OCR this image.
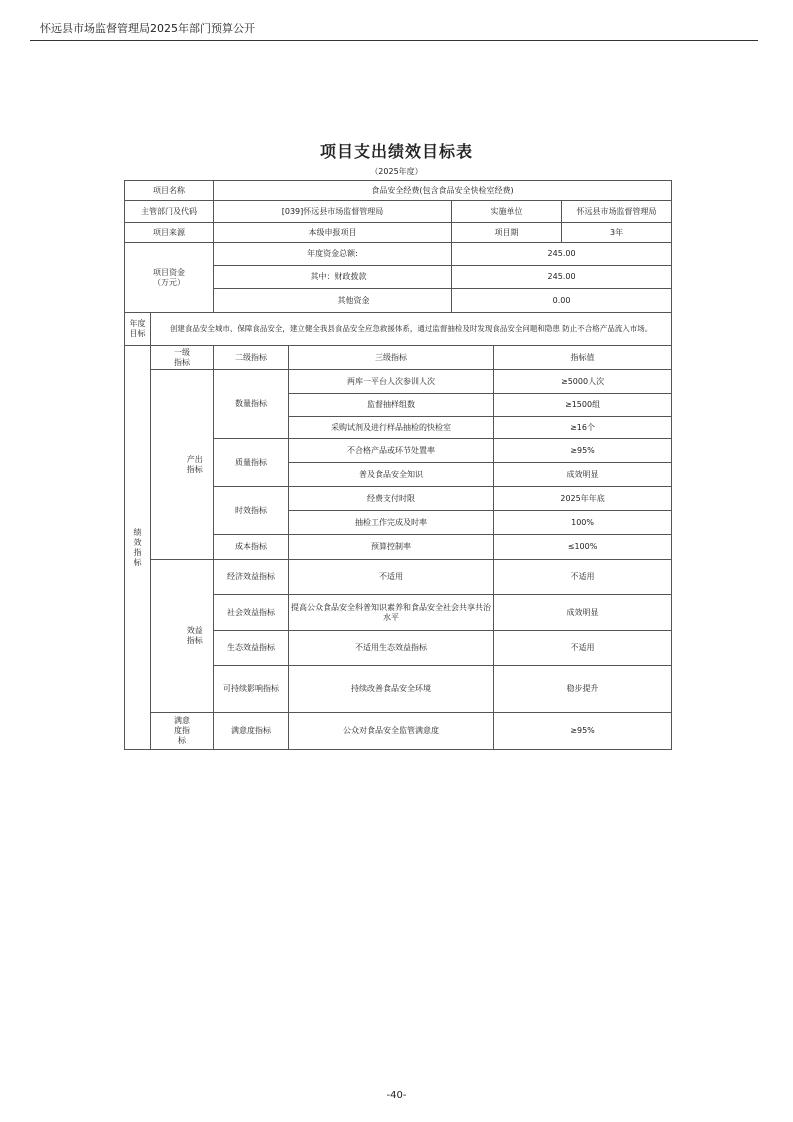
怀远县市场监督管理局2025年部门预算公开
项目支出绩效目标表
（2025年度）
项目名称			食品安全经费(包含食品安全快检室经费)				
主管部门及代码			[039]怀远县市场监督管理局		实施单位		怀远县市场监督管理局
项目来源			本级申报项目		项目期		3年
项目资金
（万元）			年度资金总额:		245.00		
			其中：财政拨款		245.00		
			其他资金		0.00		
年度目标	创建食品安全城市、保障食品安全，建立健全我县食品安全应急救援体系，通过监督抽检及时发现食品安全问题和隐患 防止不合格产品流入市场。						
绩效指标	一级指标		二级指标	三级指标		指标值	
		产出指标	数量指标	两库一平台人次参训人次		≥5000人次	
				监督抽样组数		≥1500组	
				采购试剂及进行样品抽检的快检室		≥16个	
			质量指标	不合格产品或环节处置率		≥95%	
				普及食品安全知识		成效明显	
			时效指标	经费支付时限		2025年年底	
				抽检工作完成及时率		100%	
			成本指标	预算控制率		≤100%	
		效益指标	经济效益指标	不适用		不适用	
			社会效益指标	提高公众食品安全科普知识素养和食品安全社会共享共治水平		成效明显	
			生态效益指标	不适用生态效益指标		不适用	
			可持续影响指标	持续改善食品安全环境		稳步提升	
	满意度指标		满意度指标	公众对食品安全监管满意度		≥95%	
-40-
